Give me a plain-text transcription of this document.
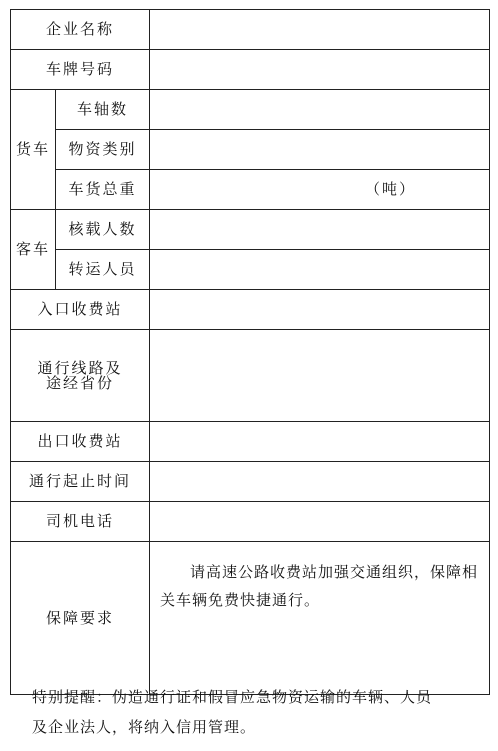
企业名称		
车牌号码		
货车	车轴数	
	物资类别	
	车货总重	（吨）
客车	核载人数	
	转运人员	
入口收费站		

通行线路及
途经省份		

出口收费站		
通行起止时间		
司机电话		
保障要求		请高速公路收费站加强交通组织，保障相关车辆免费快捷通行。

特别提醒：伪造通行证和假冒应急物资运输的车辆、人员
及企业法人，将纳入信用管理。
